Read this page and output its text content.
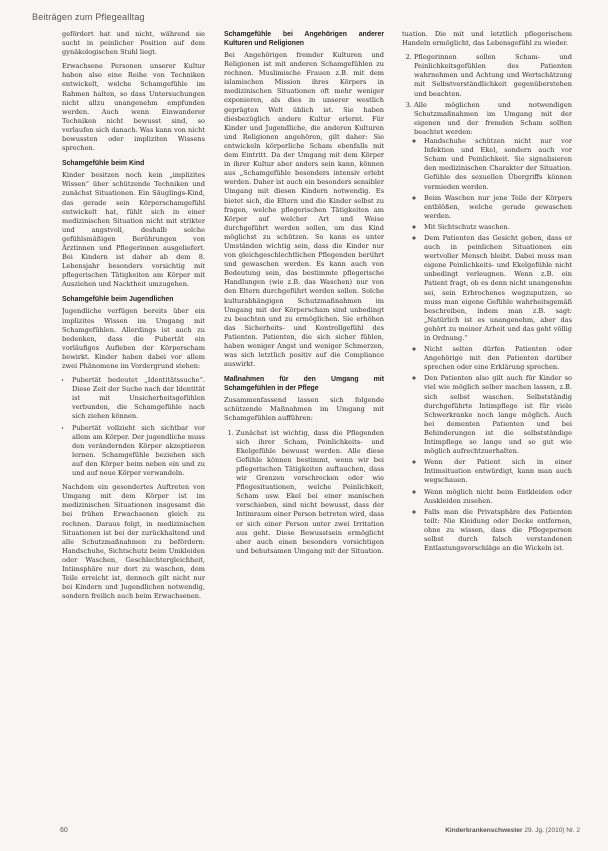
Beiträgen zum Pflegealltag

gefördert hat und nicht, während sie sucht in peinlicher Position auf dem gynäkologischen Stuhl liegt.

Erwachsene Personen unserer Kultur haben also eine Reihe von Techniken entwickelt, welche Schamgefühle im Rahmen halten, so dass Untersuchungen nicht allzu unangenehm empfunden werden. Auch wenn Einwanderer Techniken nicht bewusst sind, so verlaufen sich danach. Was kann von nicht bewussten oder impliziten Wissens sprechen.

Schamgefühle beim Kind

Kinder besitzen noch kein „implizites Wissen“ über schützende Techniken und zunächst Situationen. Ein Säuglings-Kind, das gerade sein Körperschamgefühl entwickelt hat, fühlt sich in einer medizinischen Situation nicht mit strikter und angstvoll, deshalb solche gefühlsmäßigen Berührungen von Ärztinnen und Pflegerinnen ausgeliefert. Bei Kindern ist daher ab dem 8. Lebensjahr besonders vorsichtig mit pflegerischen Tätigkeiten am Körper mit Ausziehen und Nacktheit umzugehen.

Schamgefühle beim Jugendlichen

Jugendliche verfügen bereits über ein implizites Wissen im Umgang mit Schamgefühlen. Allerdings ist auch zu bedenken, dass die Pubertät ein vorläufiges Aufleben der Körperscham bewirkt. Kinder haben dabei vor allem zwei Phänomene im Vordergrund stehen:

• Pubertät bedeutet „Identitätssuche“. Diese Zeit der Suche nach der Identität ist mit Unsicherheitsgefühlen verbunden, die Schamgefühle nach sich ziehen können.
• Pubertät vollzieht sich sichtbar vor allem am Körper. Der jugendliche muss den verändernden Körper akzeptieren lernen. Schamgefühle beziehen sich auf den Körper beim neben ein und zu und auf neue Körper verwandeln.

Nachdem ein gesondertes Auftreten von Umgang mit dem Körper ist im medizinischen Situationen insgesamt die bei frühen Erwachsenen gleich zu rechnen. Daraus folgt, in medizinischen Situationen ist bei der zurückhaltend und alle Schutzmaßnahmen zu befördern: Handschuhe, Sichtschutz beim Umkleiden oder Waschen, Geschlechtergleichheit, Intimsphäre nur dort zu waschen, dem Teile erreicht ist, dennoch gilt nicht nur bei Kindern und Jugendlichen notwendig, sondern freilich auch beim Erwachsenen.

Schamgefühle bei Angehörigen anderer Kulturen und Religionen

Bei Angehörigen fremder Kulturen und Religionen ist mit anderen Schamgefühlen zu rechnen. Muslimische Frauen z.B. mit dem islamischen Mission ihres Körpers in medizinischen Situationen oft mehr weniger exponieren, als dies in unserer westlich geprägten Welt üblich ist. Sie haben diesbezüglich andere Kultur erlernt. Für Kinder und Jugendliche, die anderen Kulturen und Religionen angehören, gilt daher: Sie entwickeln körperliche Scham ebenfalls mit dem Eintritt. Da der Umgang mit dem Körper in ihrer Kultur aber anders sein kann, können aus „Schamgefühle besonders intensiv erlebt werden. Daher ist auch ein besonders sensibler Umgang mit diesen Kindern notwendig. Es bietet sich, die Eltern und die Kinder selbst zu fragen, welche pflegerischen Tätigkeiten am Körper auf welcher Art und Weise durchgeführt werden sollen, um das Kind möglichst zu schützen. So kann es unter Umständen wichtig sein, dass die Kinder nur von gleichgeschlechtlichen Pflegenden berührt und gewaschen werden. Es kann auch von Bedeutung sein, das bestimmte pflegerische Handlungen (wie z.B. das Waschen) nur von den Eltern durchgeführt werden sollen. Solche kulturabhängigen Schutzmaßnahmen im Umgang mit der Körperscham sind unbedingt zu beachten und zu ermöglichen. Sie erhöhen das Sicherheits- und Kontrollgefühl des Patienten. Patienten, die sich sicher fühlen, haben weniger Angst und weniger Schmerzen, was sich letztlich positiv auf die Compliance auswirkt.

Maßnahmen für den Umgang mit Schamgefühlen in der Pflege

Zusammenfassend lassen sich folgende schützende Maßnahmen im Umgang mit Schamgefühlen aufführen:

1. Zunächst ist wichtig, dass die Pflegenden sich ihrer Scham, Peinlichkeits- und Ekelgefühle bewusst werden. Alle diese Gefühle können bestimmt, wenn wir bei pflegerischen Tätigkeiten auftauchen, dass wir Grenzen verschrecken oder wie Pflegesituationen, welche Peinlichkeit, Scham usw. Ekel bei einer manischen verschieben, sind nicht bewusst, dass der Intimraum einer Person betreten wird, dass er sich einer Person unter zwei Irritation aus geht. Diese Bewusstsein ermöglicht aber auch einen besonders vorsichtigen und behutsamen Umgang mit der Situation.

tuation. Die mit und letztlich pflegerischem Handeln ermöglicht, das Lebensgefühl zu wieder.

2. Pflegerinnen sollen Scham- und Peinlichkeitsgefühlen des Patienten wahrnehmen und Achtung und Wertschätzung mit Selbstverständlichkeit gegenüberstehen und beachten.
3. Alle möglichen und notwendigen Schutzmaßnahmen im Umgang mit der eigenen und der fremden Scham sollten beachtet werden:
◦ Handschuhe schützen nicht nur vor Infektion und Ekel, sondern auch vor Scham und Peinlichkeit. Sie signalisieren den medizinischen Charakter der Situation. Gefühle des sexuellen Übergriffs können vermieden werden.
◦ Beim Waschen nur jene Teile der Körpers entblößen, welche gerade gewaschen werden.
◦ Mit Sichtschutz waschen.
◦ Dem Patienten das Gesicht geben, dass er auch in peinlichen Situationen ein wertvoller Mensch bleibt. Dabei muss man eigene Peinlichkeits- und Ekelgefühle nicht unbedingt verleugnen. Wenn z.B. ein Patient fragt, ob es denn nicht unangenehm sei, sein Erbrochenes wegzuputzen, so muss man eigene Gefühle wahrheitsgemäß beschreiben, indem man z.B. sagt: „Natürlich ist es unangenehm, aber das gehört zu meiner Arbeit und das geht völlig in Ordnung.“
◦ Nicht selten dürfen Patienten oder Angehörige mit den Patienten darüber sprechen oder eine Erklärung sprechen.
◦ Den Patienten also gilt auch für Kinder so viel wie möglich selber machen lassen, z.B. sich selbst waschen. Selbstständig durchgeführte Intimpflege ist für viele Schwerkranke noch lange möglich. Auch bei dementen Patienten und bei Behinderungen ist die selbstständige Intimpflege so lange und so gut wie möglich aufrechtzuerhalten.
◦ Wenn der Patient sich in einer Intimsituation entwürdigt, kann man auch wegschauen.
◦ Wenn möglich nicht beim Entkleiden oder Auskleiden zusehen.
◦ Falls man die Privatsphäre des Patienten teilt: Nie Kleidung oder Decke entfernen, ohne zu wissen, dass die Pflegeperson selbst durch falsch verstandenen Entlastungsvorschläge an die Wickeln ist.
60	Kinderkrankenschwester 29. Jg. (2010) Nr. 2
